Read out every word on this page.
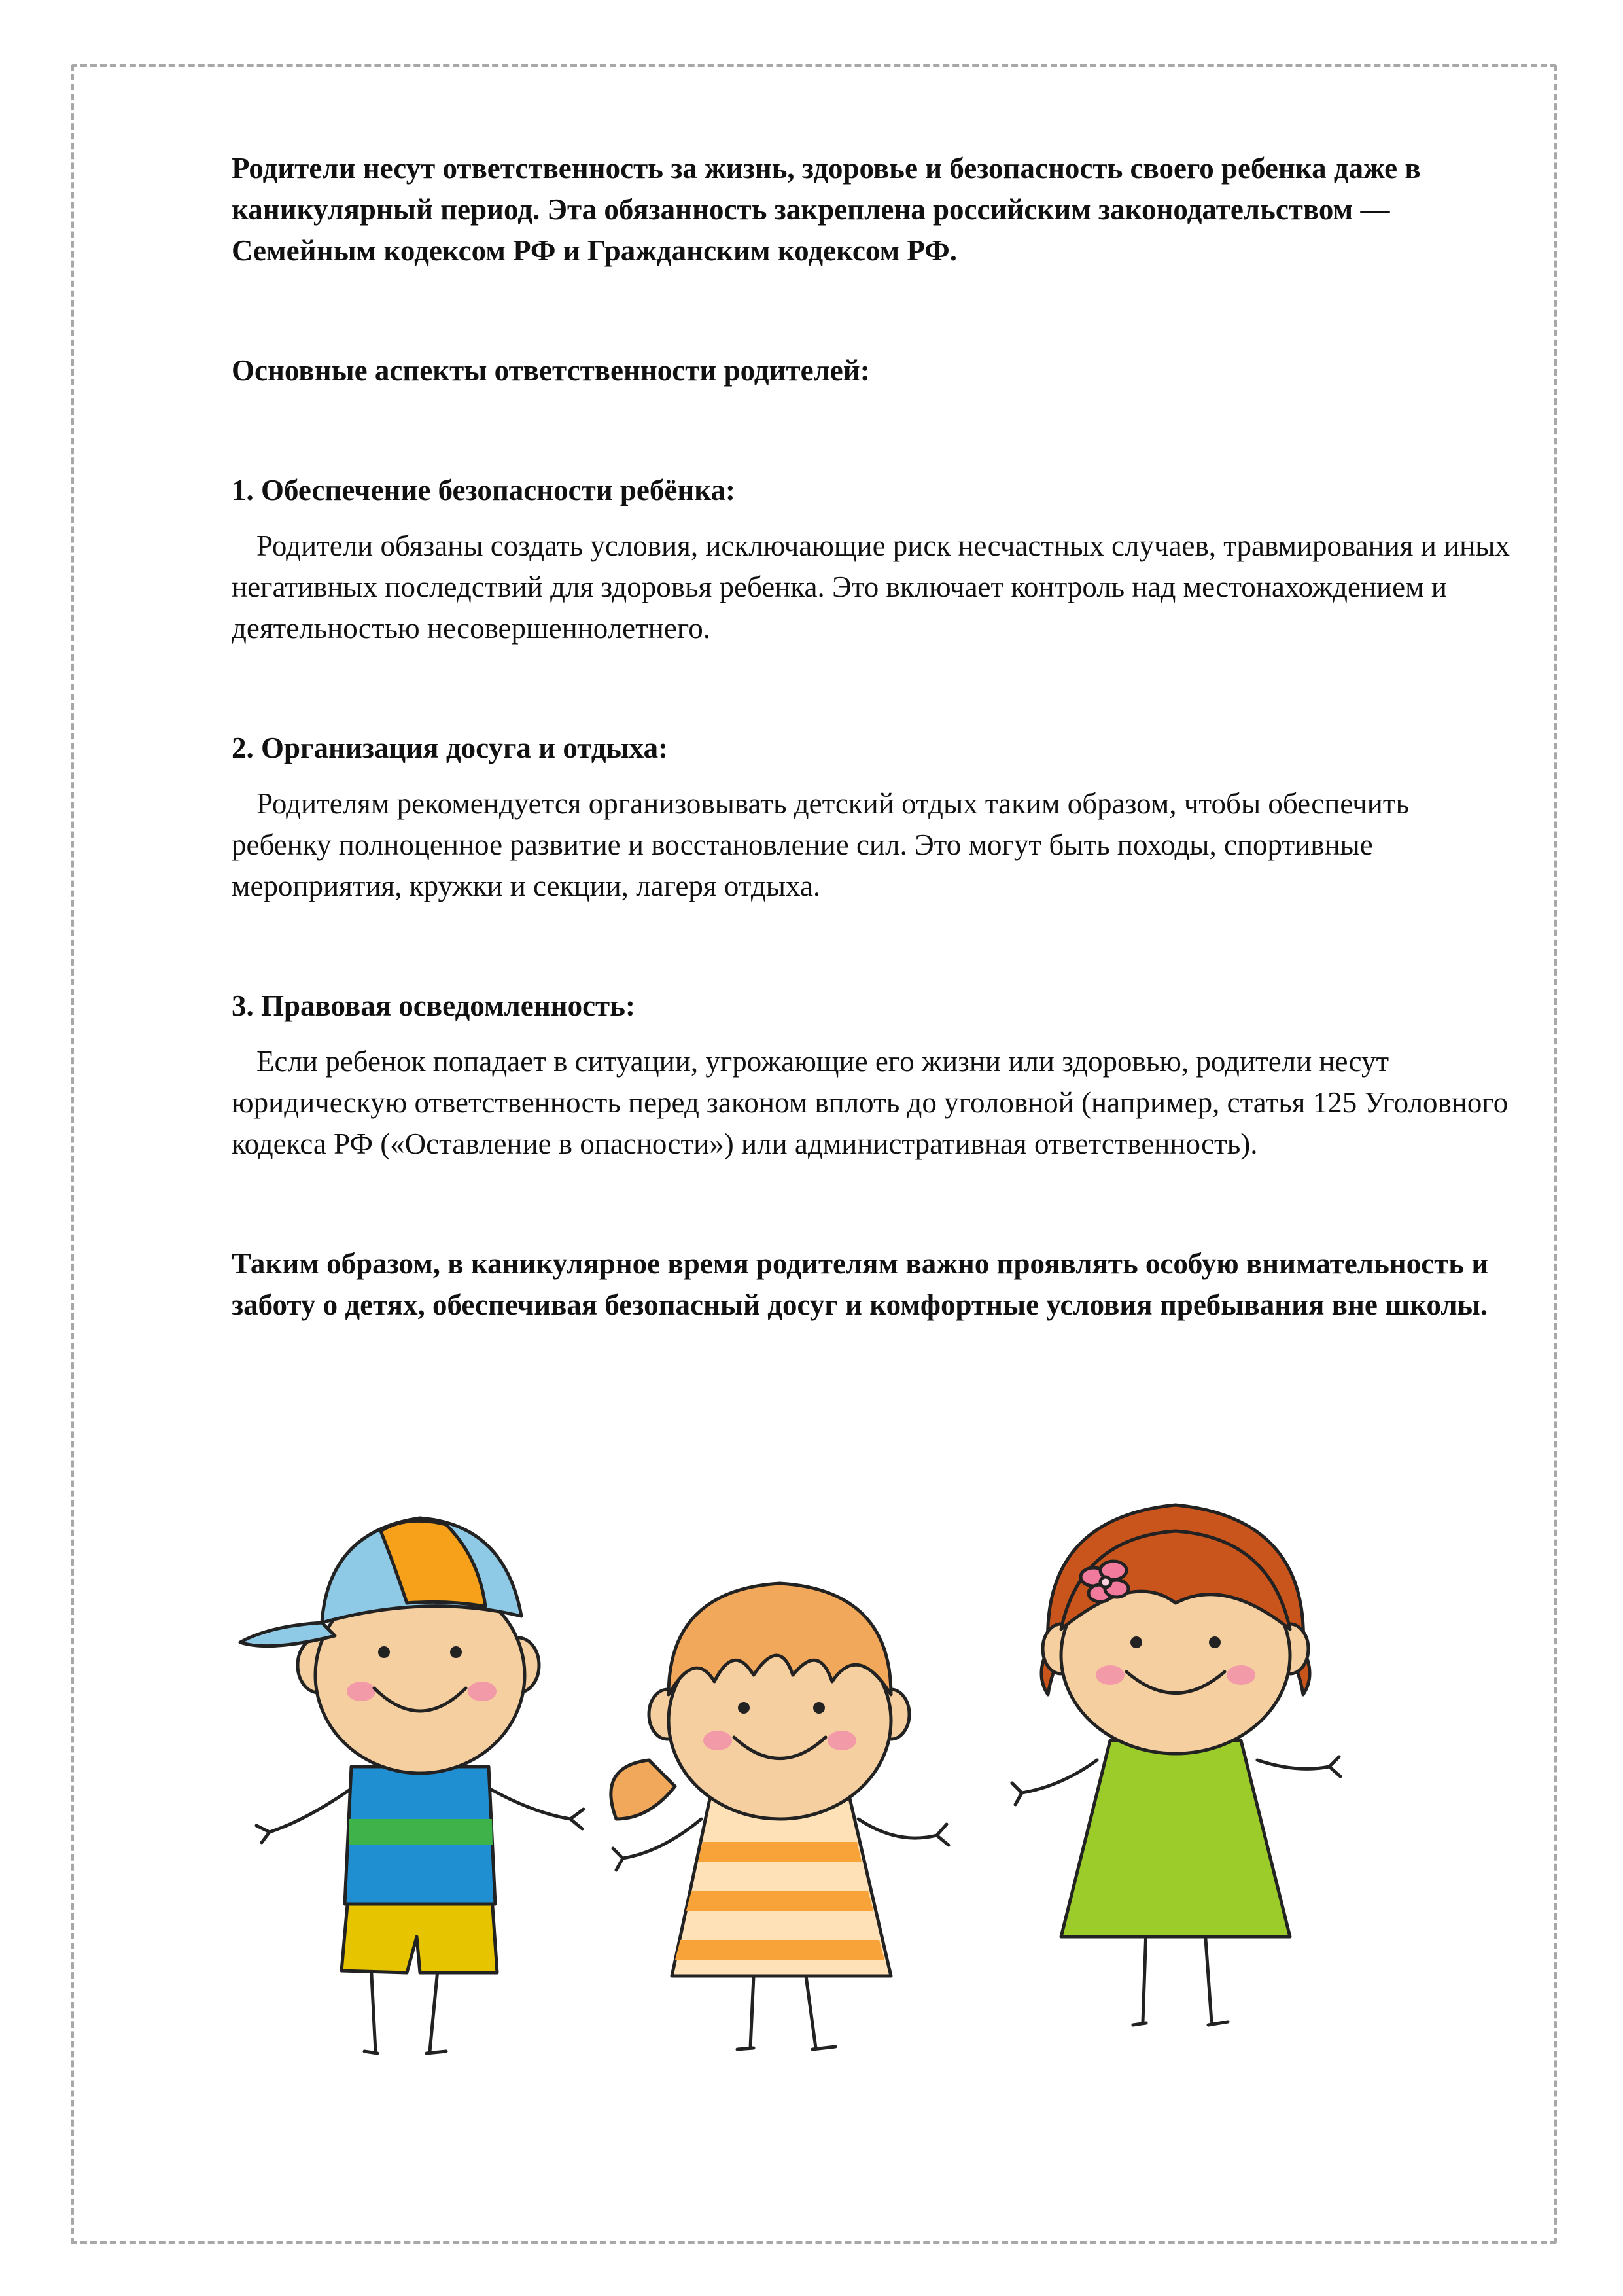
Родители несут ответственность за жизнь, здоровье и безопасность своего ребенка даже в каникулярный период. Эта обязанность закреплена российским законодательством — Семейным кодексом РФ и Гражданским кодексом РФ.

Основные аспекты ответственности родителей:

1. Обеспечение безопасности ребёнка:

Родители обязаны создать условия, исключающие риск несчастных случаев, травмирования и иных негативных последствий для здоровья ребенка. Это включает контроль над местонахождением и деятельностью несовершеннолетнего.

2. Организация досуга и отдыха:

Родителям рекомендуется организовывать детский отдых таким образом, чтобы обеспечить ребенку полноценное развитие и восстановление сил. Это могут быть походы, спортивные мероприятия, кружки и секции, лагеря отдыха.

3. Правовая осведомленность:

Если ребенок попадает в ситуации, угрожающие его жизни или здоровью, родители несут юридическую ответственность перед законом вплоть до уголовной (например, статья 125 Уголовного кодекса РФ («Оставление в опасности») или административная ответственность).

Таким образом, в каникулярное время родителям важно проявлять особую внимательность и заботу о детях, обеспечивая безопасный досуг и комфортные условия пребывания вне школы.
